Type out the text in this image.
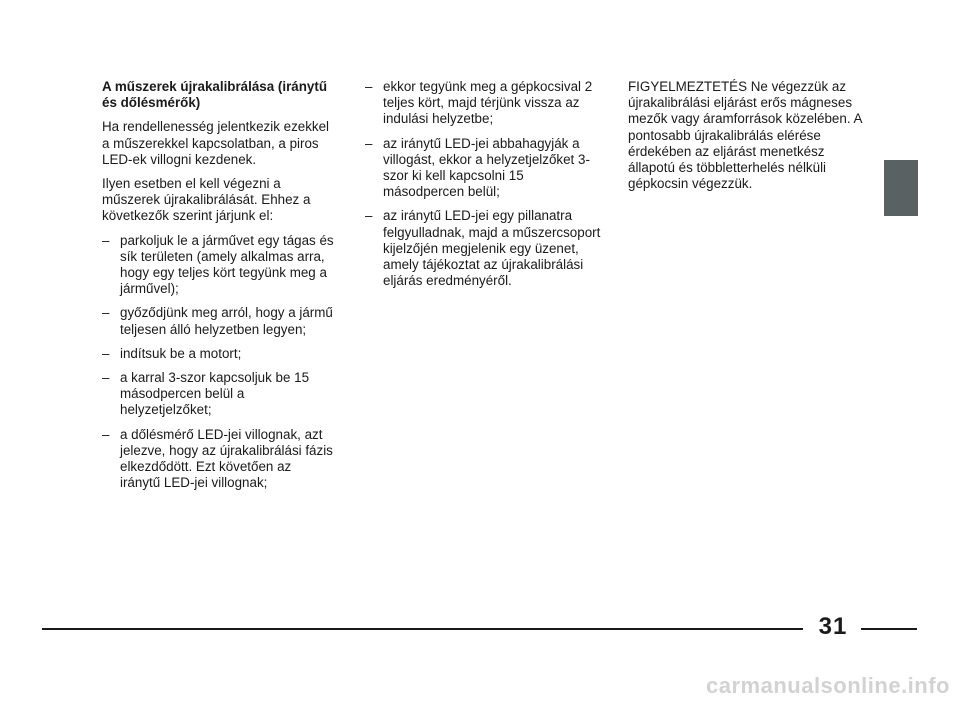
A műszerek újrakalibrálása (iránytű és dőlésmérők)

Ha rendellenesség jelentkezik ezekkel a műszerekkel kapcsolatban, a piros LED-ek villogni kezdenek.

Ilyen esetben el kell végezni a műszerek újrakalibrálását. Ehhez a következők szerint járjunk el:

– parkoljuk le a járművet egy tágas és sík területen (amely alkalmas arra, hogy egy teljes kört tegyünk meg a járművel);
– győződjünk meg arról, hogy a jármű teljesen álló helyzetben legyen;
– indítsuk be a motort;
– a karral 3-szor kapcsoljuk be 15 másodpercen belül a helyzetjelzőket;
– a dőlésmérő LED-jei villognak, azt jelezve, hogy az újrakalibrálási fázis elkezdődött. Ezt követően az iránytű LED-jei villognak;
– ekkor tegyünk meg a gépkocsival 2 teljes kört, majd térjünk vissza az indulási helyzetbe;
– az iránytű LED-jei abbahagyják a villogást, ekkor a helyzetjelzőket 3-szor ki kell kapcsolni 15 másodpercen belül;
– az iránytű LED-jei egy pillanatra felgyulladnak, majd a műszercsoport kijelzőjén megjelenik egy üzenet, amely tájékoztat az újrakalibrálási eljárás eredményéről.

FIGYELMEZTETÉS Ne végezzük az újrakalibrálási eljárást erős mágneses mezők vagy áramforrások közelében. A pontosabb újrakalibrálás elérése érdekében az eljárást menetkész állapotú és többletterhelés nélküli gépkocsin végezzük.

31
carmanualsonline.info
